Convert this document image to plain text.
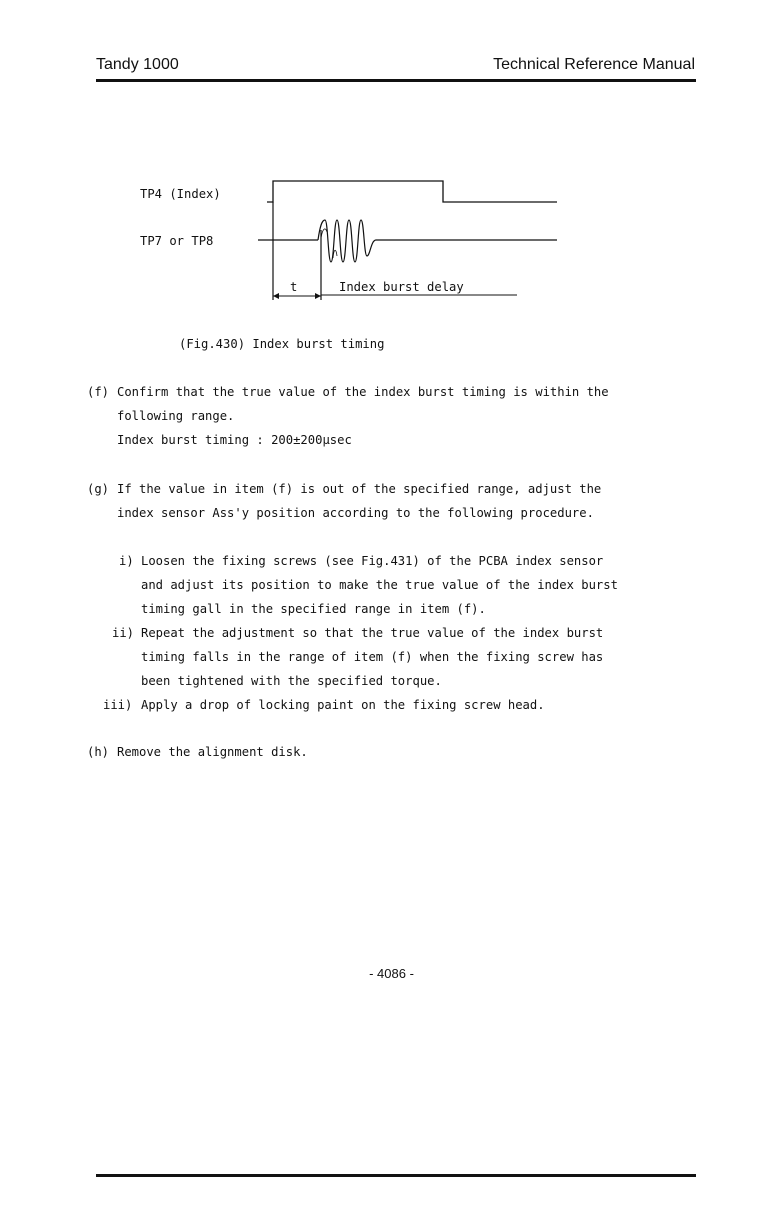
Tandy 1000	Technical Reference Manual
TP4 (Index)
TP7 or TP8
t	Index burst delay
(Fig.430) Index burst timing
(f) Confirm that the true value of the index burst timing is within the
following range.
Index burst timing : 200±200μsec
(g) If the value in item (f) is out of the specified range, adjust the
index sensor Ass'y position according to the following procedure.
i) Loosen the fixing screws (see Fig.431) of the PCBA index sensor
and adjust its position to make the true value of the index burst
timing gall in the specified range in item (f).
ii) Repeat the adjustment so that the true value of the index burst
timing falls in the range of item (f) when the fixing screw has
been tightened with the specified torque.
iii) Apply a drop of locking paint on the fixing screw head.
(h) Remove the alignment disk.
- 4086 -
